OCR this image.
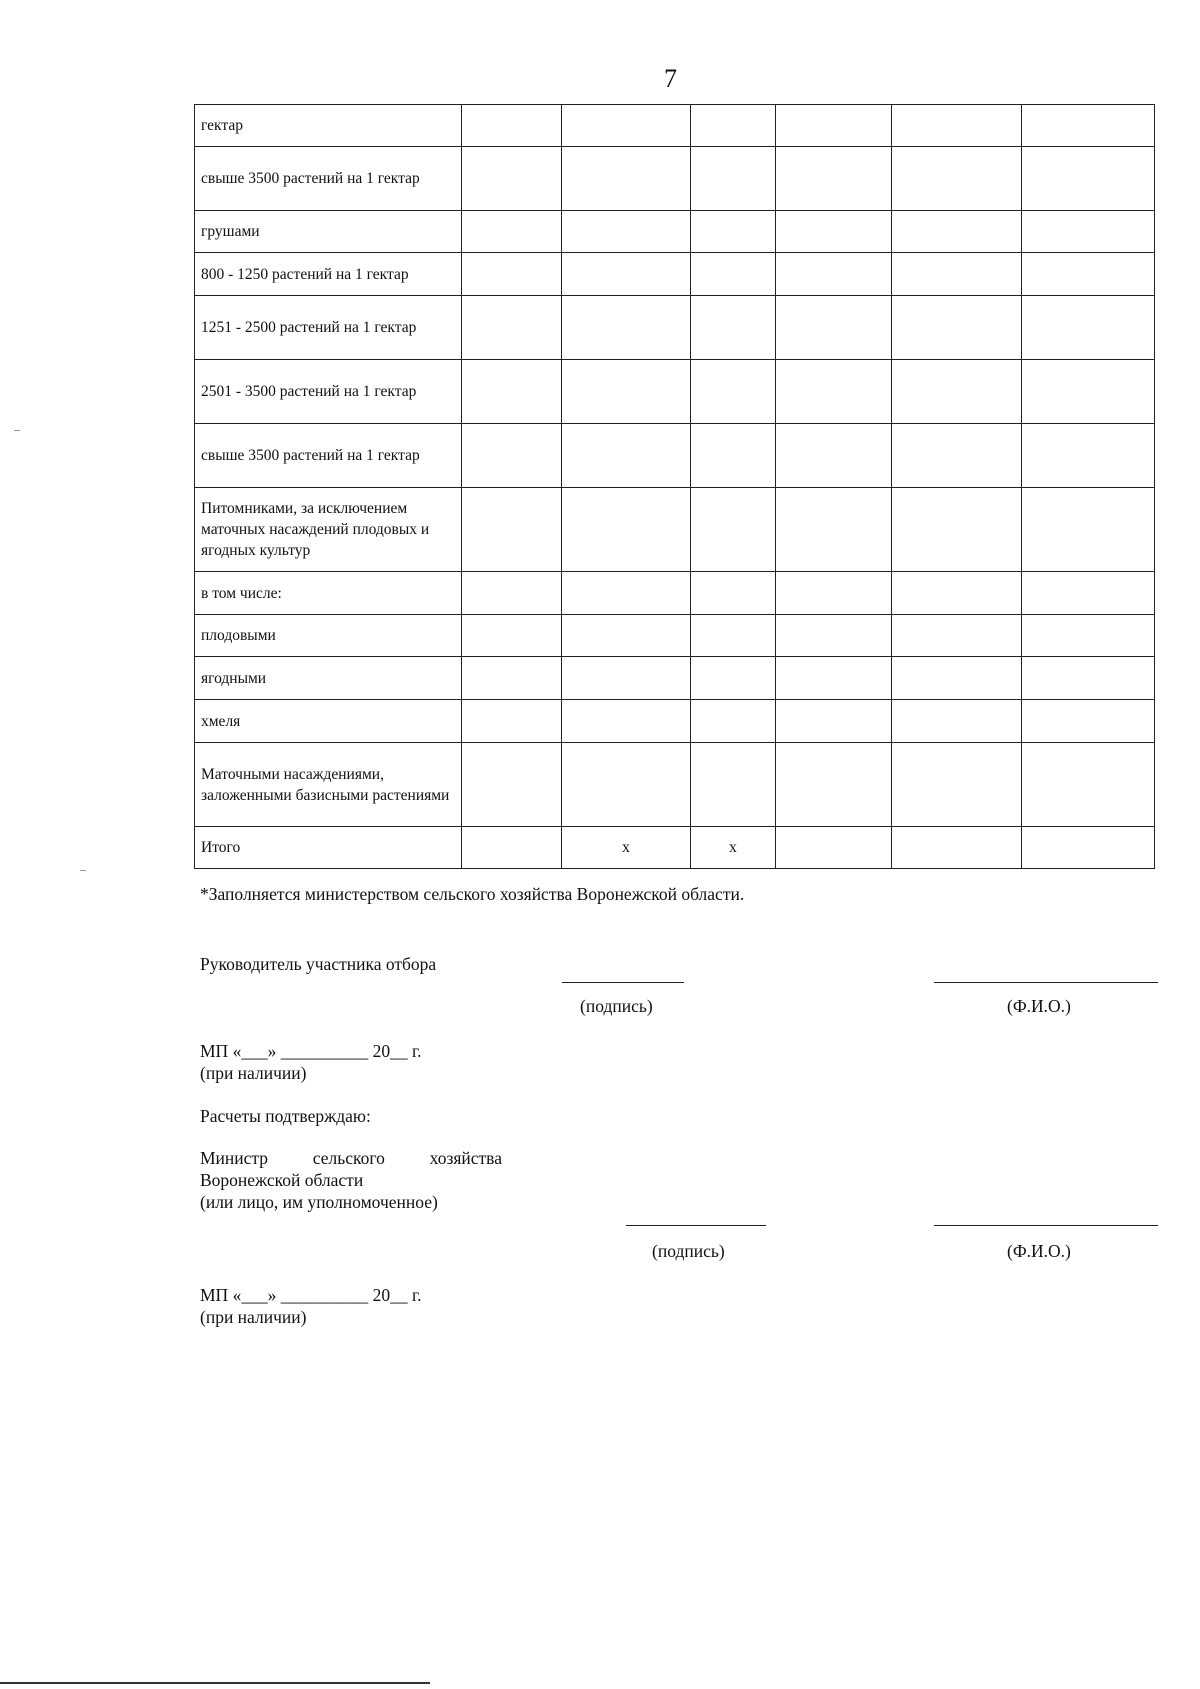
7
гектар						
свыше 3500 растений на 1 гектар						
грушами						
800 - 1250 растений на 1 гектар						
1251 - 2500 растений на 1 гектар						
2501 - 3500 растений на 1 гектар						
свыше 3500 растений на 1 гектар						
Питомниками, за исключением маточных насаждений плодовых и ягодных культур						
в том числе:						
плодовыми						
ягодными						
хмеля						
Маточными насаждениями, заложенными базисными растениями						
Итого		x	x			
*Заполняется министерством сельского хозяйства Воронежской области.
Руководитель участника отбора
(подпись)	(Ф.И.О.)
МП «___» __________ 20__ г.
(при наличии)
Расчеты подтверждаю:
Министр	сельского	хозяйства
Воронежской области
(или лицо, им уполномоченное)
(подпись)	(Ф.И.О.)
МП «___» __________ 20__ г.
(при наличии)
